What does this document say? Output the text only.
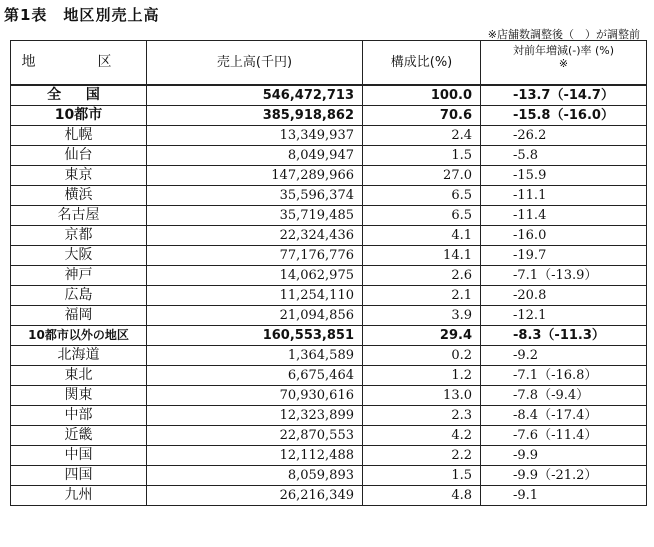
第1表　地区別売上高
※店舗数調整後（　）が調整前
地　区	売上高(千円)	構成比(%)	対前年増減(-)率 (%)
※

全 国	546,472,713	100.0	-13.7（-14.7）
10都市	385,918,862	70.6	-15.8（-16.0）
札幌	13,349,937	2.4	-26.2
仙台	8,049,947	1.5	-5.8
東京	147,289,966	27.0	-15.9
横浜	35,596,374	6.5	-11.1
名古屋	35,719,485	6.5	-11.4
京都	22,324,436	4.1	-16.0
大阪	77,176,776	14.1	-19.7
神戸	14,062,975	2.6	-7.1（-13.9）
広島	11,254,110	2.1	-20.8
福岡	21,094,856	3.9	-12.1
10都市以外の地区	160,553,851	29.4	-8.3（-11.3）
北海道	1,364,589	0.2	-9.2
東北	6,675,464	1.2	-7.1（-16.8）
関東	70,930,616	13.0	-7.8（-9.4）
中部	12,323,899	2.3	-8.4（-17.4）
近畿	22,870,553	4.2	-7.6（-11.4）
中国	12,112,488	2.2	-9.9
四国	8,059,893	1.5	-9.9（-21.2）
九州	26,216,349	4.8	-9.1
